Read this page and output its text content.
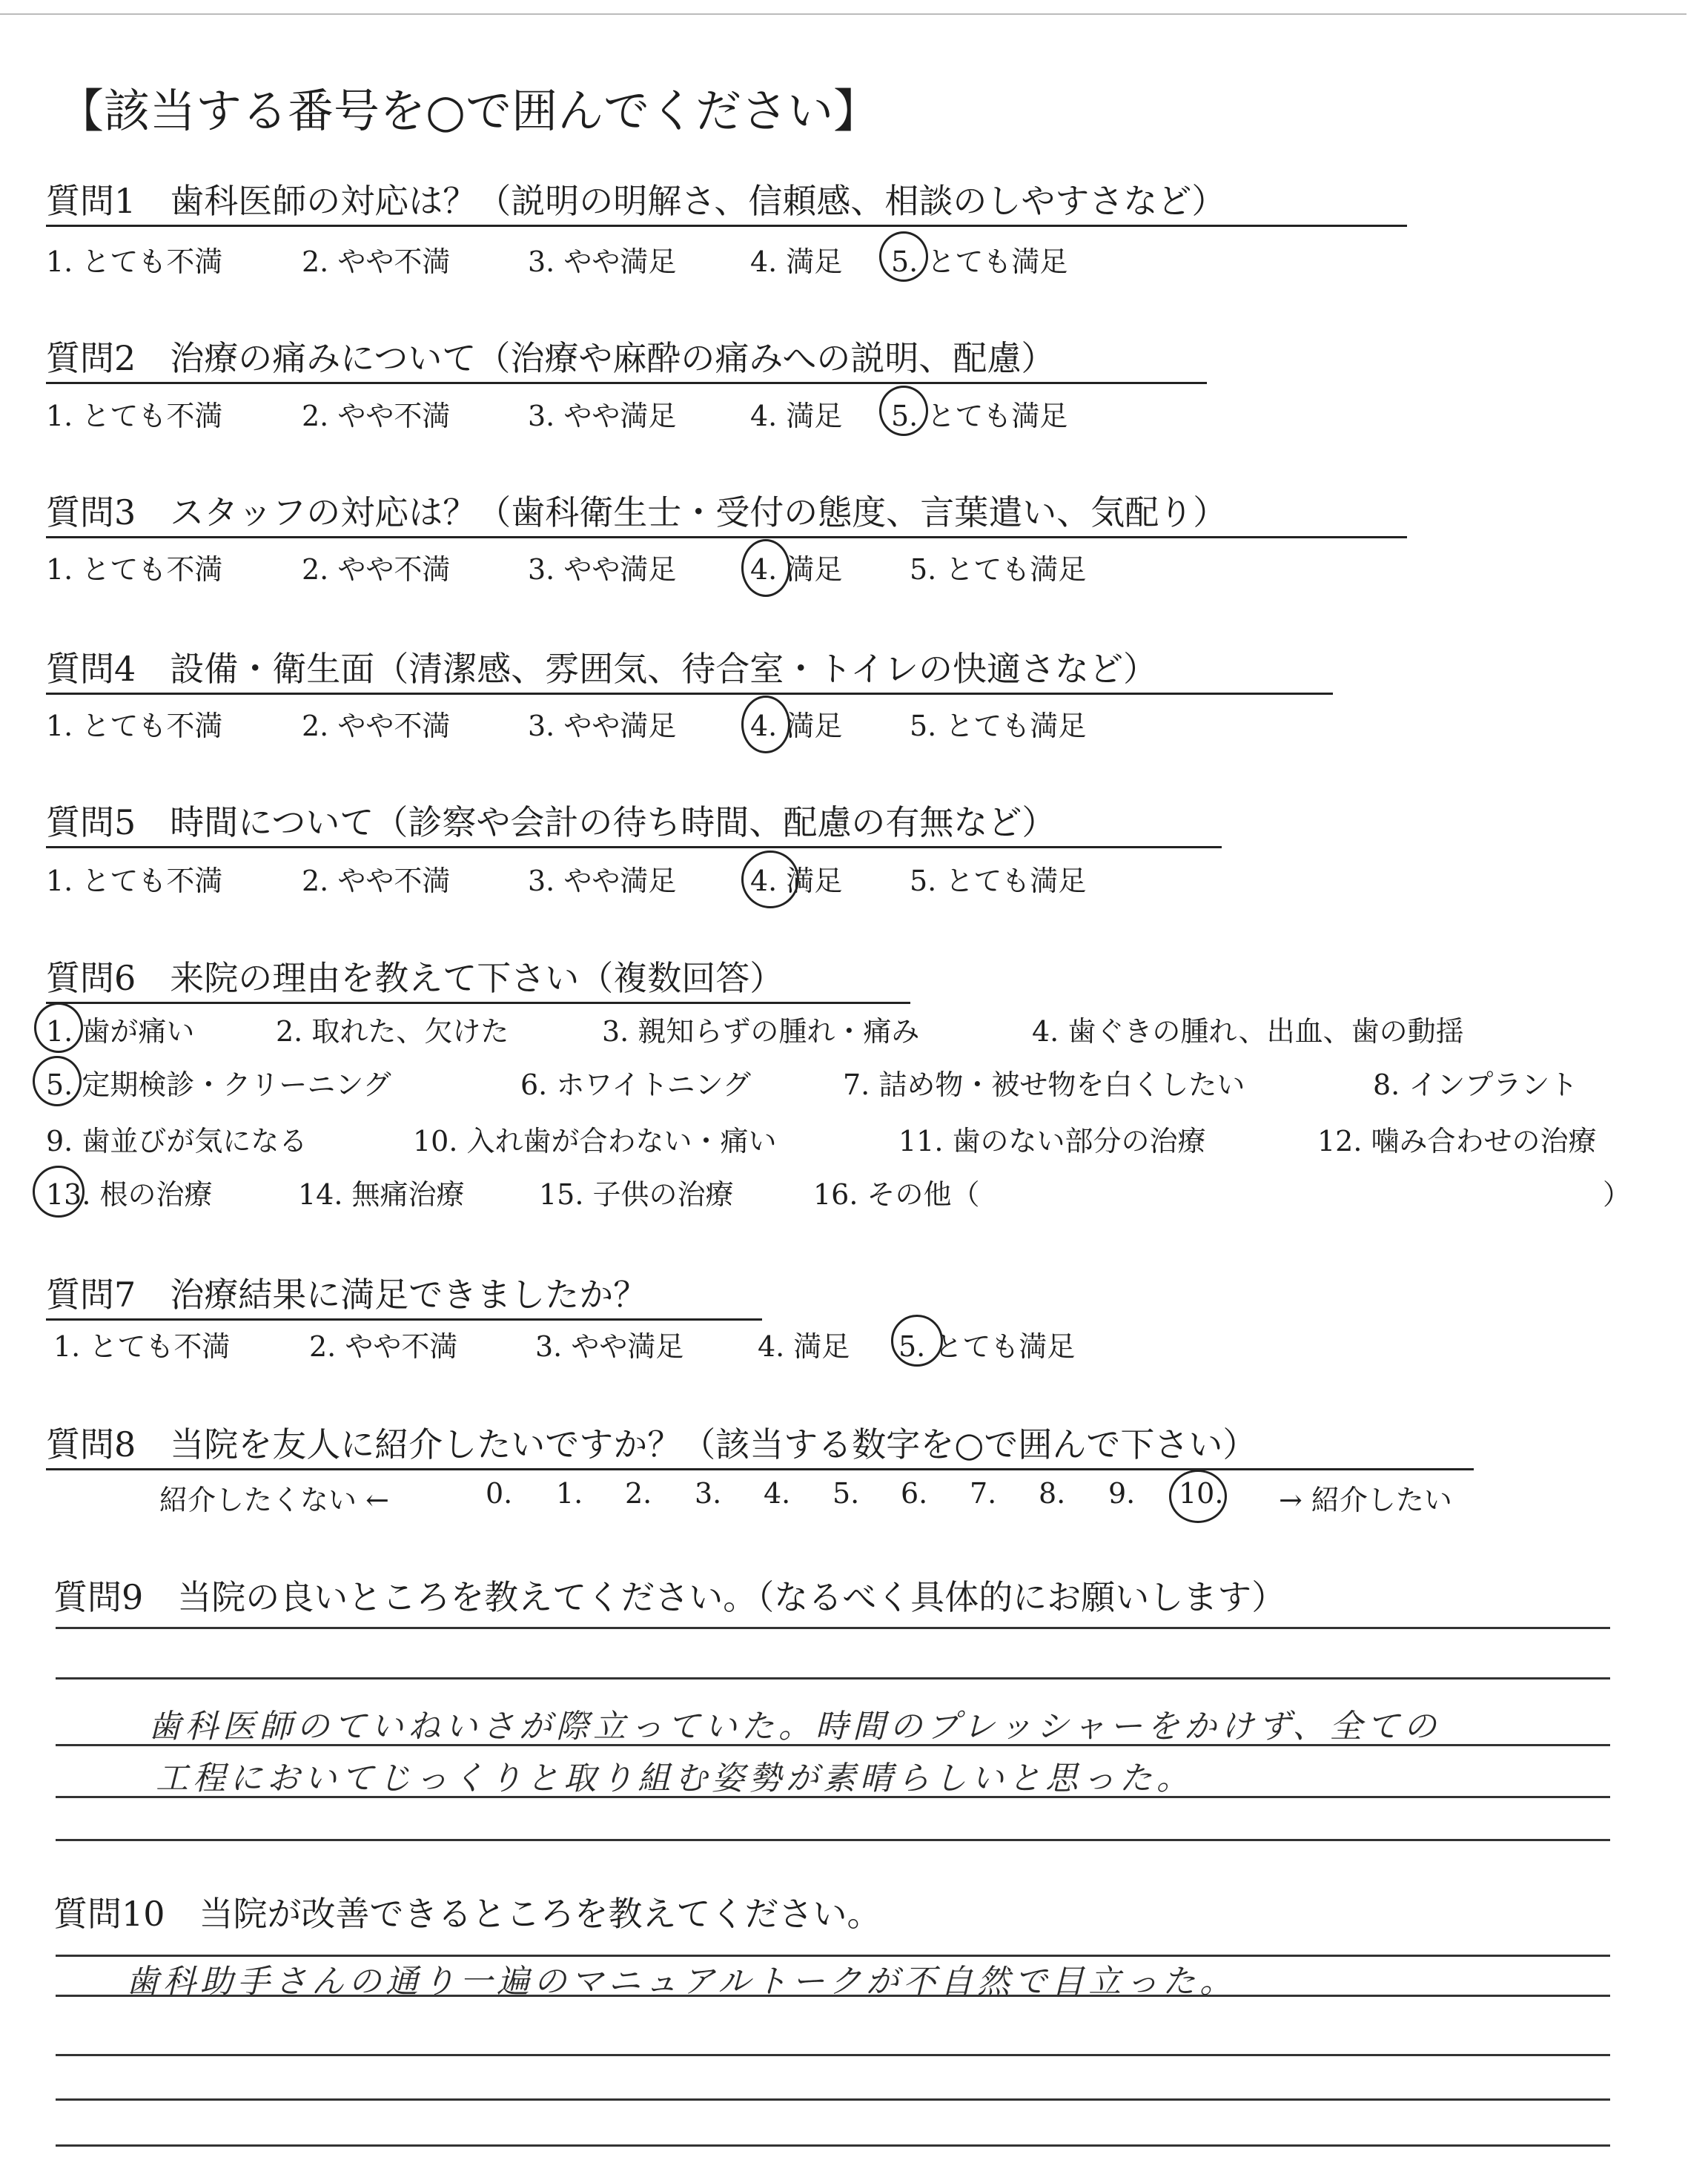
【該当する番号を○で囲んでください】
質問1　歯科医師の対応は？（説明の明解さ、信頼感、相談のしやすさなど）
1. とても不満	2. やや不満	3. やや満足	4. 満足 5. とても満足
質問2　治療の痛みについて（治療や麻酔の痛みへの説明、配慮）
1. とても不満	2. やや不満	3. やや満足	4. 満足 5. とても満足
質問3　スタッフの対応は？（歯科衛生士・受付の態度、言葉遣い、気配り）
1. とても不満	2. やや不満	3. やや満足	4. 満足 5. とても満足
質問4　設備・衛生面（清潔感、雰囲気、待合室・トイレの快適さなど）
1. とても不満	2. やや不満	3. やや満足	4. 満足 5. とても満足
質問5　時間について（診察や会計の待ち時間、配慮の有無など）
1. とても不満	2. やや不満	3. やや満足	4. 満足 5. とても満足
質問6　来院の理由を教えて下さい（複数回答）
1. 歯が痛い	2. 取れた、欠けた	3. 親知らずの腫れ・痛み	4. 歯ぐきの腫れ、出血、歯の動揺
5. 定期検診・クリーニング	6. ホワイトニング	7. 詰め物・被せ物を白くしたい	8. インプラント
9. 歯並びが気になる	10. 入れ歯が合わない・痛い	11. 歯のない部分の治療	12. 噛み合わせの治療
13. 根の治療	14. 無痛治療	15. 子供の治療	16. その他（	）
質問7　治療結果に満足できましたか？
1. とても不満	2. やや不満	3. やや満足	4. 満足 5. とても満足
質問8　当院を友人に紹介したいですか？（該当する数字を○で囲んで下さい）
紹介したくない ←	0. 1. 2. 3. 4. 5. 6. 7. 8. 9. 10. → 紹介したい
質問9　当院の良いところを教えてください。（なるべく具体的にお願いします）
歯科医師のていねいさが際立っていた。時間のプレッシャーをかけず、全ての
工程においてじっくりと取り組む姿勢が素晴らしいと思った。
質問10　当院が改善できるところを教えてください。
歯科助手さんの通り一遍のマニュアルトークが不自然で目立った。
